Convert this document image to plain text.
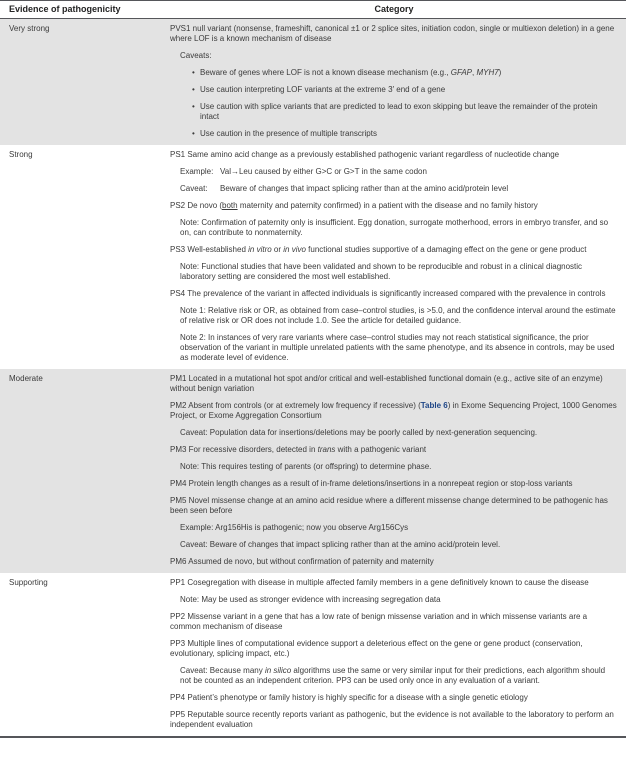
Evidence of pathogenicity	Category
Very strong	PVS1 null variant (nonsense, frameshift, canonical ±1 or 2 splice sites, initiation codon, single or multiexon deletion) in a gene where LOF is a known mechanism of disease

Caveats:

• Beware of genes where LOF is not a known disease mechanism (e.g., GFAP, MYH7)
• Use caution interpreting LOF variants at the extreme 3′ end of a gene
• Use caution with splice variants that are predicted to lead to exon skipping but leave the remainder of the protein intact
• Use caution in the presence of multiple transcripts
Strong	PS1 Same amino acid change as a previously established pathogenic variant regardless of nucleotide change

Example: Val→Leu caused by either G>C or G>T in the same codon
Caveat:	Beware of changes that impact splicing rather than at the amino acid/protein level

PS2 De novo (both maternity and paternity confirmed) in a patient with the disease and no family history

Note: Confirmation of paternity only is insufficient. Egg donation, surrogate motherhood, errors in embryo transfer, and so on, can contribute to nonmaternity.

PS3 Well-established in vitro or in vivo functional studies supportive of a damaging effect on the gene or gene product

Note: Functional studies that have been validated and shown to be reproducible and robust in a clinical diagnostic laboratory setting are considered the most well established.

PS4 The prevalence of the variant in affected individuals is significantly increased compared with the prevalence in controls

Note 1: Relative risk or OR, as obtained from case–control studies, is >5.0, and the confidence interval around the estimate of relative risk or OR does not include 1.0. See the article for detailed guidance.

Note 2: In instances of very rare variants where case–control studies may not reach statistical significance, the prior observation of the variant in multiple unrelated patients with the same phenotype, and its absence in controls, may be used as moderate level of evidence.

Moderate	PM1 Located in a mutational hot spot and/or critical and well-established functional domain (e.g., active site of an enzyme) without benign variation

PM2 Absent from controls (or at extremely low frequency if recessive) (Table 6) in Exome Sequencing Project, 1000 Genomes Project, or Exome Aggregation Consortium

Caveat: Population data for insertions/deletions may be poorly called by next-generation sequencing.

PM3 For recessive disorders, detected in trans with a pathogenic variant

Note: This requires testing of parents (or offspring) to determine phase.

PM4 Protein length changes as a result of in-frame deletions/insertions in a nonrepeat region or stop-loss variants

PM5 Novel missense change at an amino acid residue where a different missense change determined to be pathogenic has been seen before

Example: Arg156His is pathogenic; now you observe Arg156Cys

Caveat: Beware of changes that impact splicing rather than at the amino acid/protein level.

PM6 Assumed de novo, but without confirmation of paternity and maternity

Supporting	PP1 Cosegregation with disease in multiple affected family members in a gene definitively known to cause the disease

Note: May be used as stronger evidence with increasing segregation data

PP2 Missense variant in a gene that has a low rate of benign missense variation and in which missense variants are a common mechanism of disease

PP3 Multiple lines of computational evidence support a deleterious effect on the gene or gene product (conservation, evolutionary, splicing impact, etc.)

Caveat: Because many in silico algorithms use the same or very similar input for their predictions, each algorithm should not be counted as an independent criterion. PP3 can be used only once in any evaluation of a variant.

PP4 Patient’s phenotype or family history is highly specific for a disease with a single genetic etiology

PP5 Reputable source recently reports variant as pathogenic, but the evidence is not available to the laboratory to perform an independent evaluation
